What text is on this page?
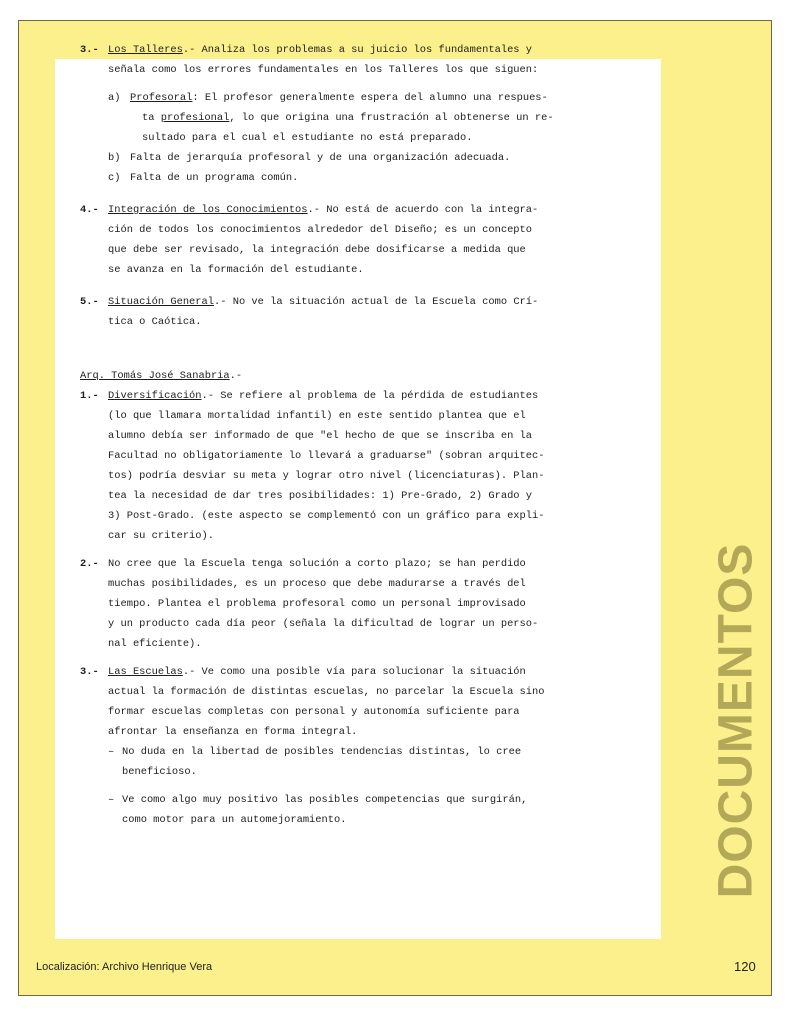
3.- Los Talleres.- Analiza los problemas a su juicio los fundamentales y

señala como los errores fundamentales en los Talleres los que siguen:

a) Profesoral: El profesor generalmente espera del alumno una respues-

ta profesional, lo que origina una frustración al obtenerse un re-

sultado para el cual el estudiante no está preparado.

b) Falta de jerarquía profesoral y de una organización adecuada.

c) Falta de un programa común.

4.- Integración de los Conocimientos.- No está de acuerdo con la integra-

ción de todos los conocimientos alrededor del Diseño; es un concepto

que debe ser revisado, la integración debe dosificarse a medida que

se avanza en la formación del estudiante.

5.- Situación General.- No ve la situación actual de la Escuela como Crí-

tica o Caótica.

Arq. Tomás José Sanabria.-

1.- Diversificación.- Se refiere al problema de la pérdida de estudiantes

(lo que llamara mortalidad infantil) en este sentido plantea que el

alumno debía ser informado de que "el hecho de que se inscriba en la

Facultad no obligatoriamente lo llevará a graduarse" (sobran arquitec-

tos) podría desviar su meta y lograr otro nivel (licenciaturas). Plan-

tea la necesidad de dar tres posibilidades: 1) Pre-Grado, 2) Grado y

3) Post-Grado. (este aspecto se complementó con un gráfico para expli-

car su criterio).

2.- No cree que la Escuela tenga solución a corto plazo; se han perdido

muchas posibilidades, es un proceso que debe madurarse a través del

tiempo. Plantea el problema profesoral como un personal improvisado

y un producto cada día peor (señala la dificultad de lograr un perso-

nal eficiente).

3.- Las Escuelas.- Ve como una posible vía para solucionar la situación

actual la formación de distintas escuelas, no parcelar la Escuela sino

formar escuelas completas con personal y autonomía suficiente para

afrontar la enseñanza en forma integral.

– No duda en la libertad de posibles tendencias distintas, lo cree

beneficioso.

– Ve como algo muy positivo las posibles competencias que surgirán,

como motor para un automejoramiento.	DOCUMENTOS
Localización: Archivo Henrique Vera	120
